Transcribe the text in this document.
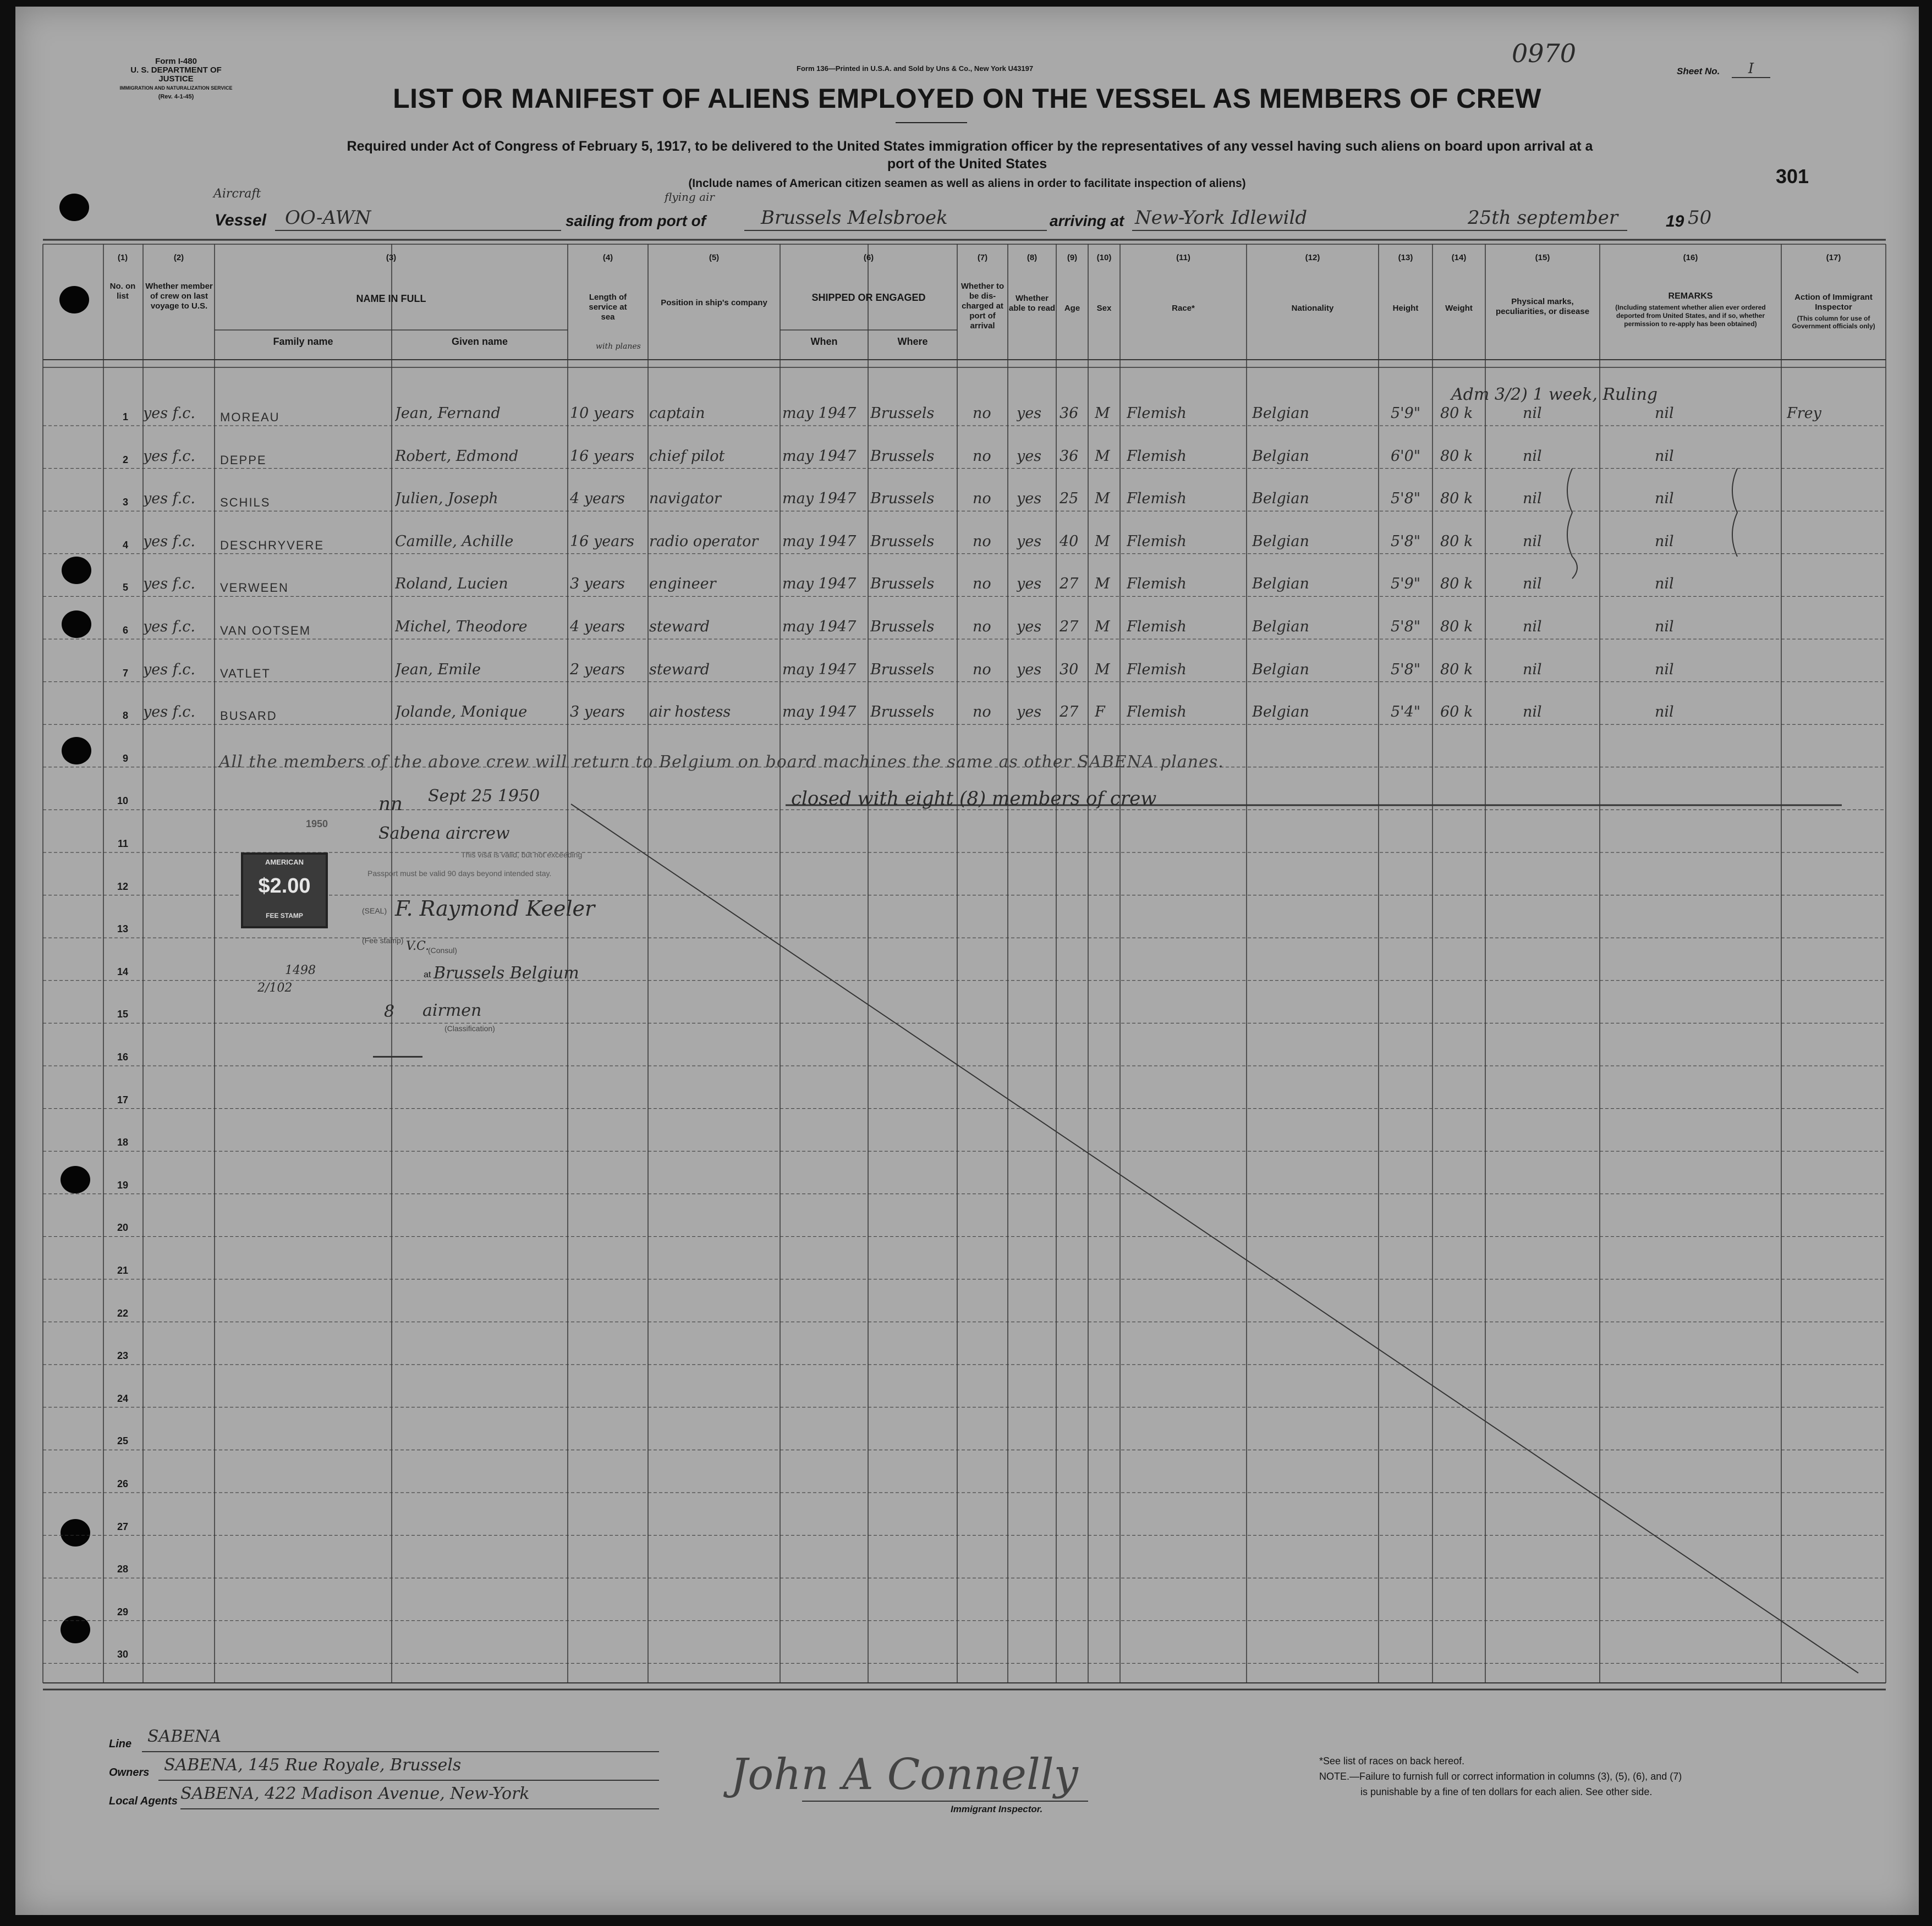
Form I-480
U. S. DEPARTMENT OF JUSTICE
IMMIGRATION AND NATURALIZATION SERVICE
(Rev. 4-1-45)
Form 136—Printed in U.S.A. and Sold by Uns & Co., New York U43197
0970
Sheet No.	I
LIST OR MANIFEST OF ALIENS EMPLOYED ON THE VESSEL AS MEMBERS OF CREW
Required under Act of Congress of February 5, 1917, to be delivered to the United States immigration officer by the representatives of any vessel having such aliens on board upon arrival at a
port of the United States
(Include names of American citizen seamen as well as aliens in order to facilitate inspection of aliens)	301
Aircraft
Vessel OO-AWN
flying air
sailing from port of	Brussels Melsbroek	arriving at New-York Idlewild	25th september	19 50
(1)
No. on list
(2)
Whether member of crew on last voyage to U.S.
(3)
NAME IN FULL
Family name	Given name
(4)
Length of service at sea
with planes
(5)
Position in ship's company
(6)
SHIPPED OR ENGAGED
When	Where
(7)
Whether to be dis-charged at port of arrival
(8)
Whether able to read
(9)
Age
(10)
Sex
(11)
Race*
(12)
Nationality
(13)
Height
(14)
Weight
(15)
Physical marks, peculiarities, or disease
(16)
REMARKS
(Including statement whether alien ever ordered deported from United States, and if so, whether permission to re-apply has been obtained)
(17)
Action of Immigrant Inspector
(This column for use of Government officials only)
1
2
3
4
5
6
7
8
9
10
11
12
13
14
15
16
17
18
19
20
21
22
23
24
25
26
27
28
29
30
yes f.c.	MOREAU	Jean, Fernand	10 years captain	may 1947 Brussels	no	yes	36	M	Flemish	Belgian	5'9"	80 k	nil	nil	Frey
yes f.c.	DEPPE	Robert, Edmond	16 years chief pilot	may 1947 Brussels	no	yes	36	M	Flemish	Belgian	6'0"	80 k	nil	nil
yes f.c.	SCHILS	Julien, Joseph	4 years	navigator	may 1947 Brussels	no	yes	25	M	Flemish	Belgian	5'8"	80 k	nil	nil
yes f.c.	DESCHRYVERE	Camille, Achille	16 years radio operator	may 1947 Brussels	no	yes	40	M	Flemish	Belgian	5'8"	80 k	nil	nil
yes f.c.	VERWEEN	Roland, Lucien	3 years	engineer	may 1947 Brussels	no	yes	27	M	Flemish	Belgian	5'9"	80 k	nil	nil
yes f.c.	VAN OOTSEM	Michel, Theodore	4 years	steward	may 1947 Brussels	no	yes	27	M	Flemish	Belgian	5'8"	80 k	nil	nil
yes f.c.	VATLET	Jean, Emile	2 years	steward	may 1947 Brussels	no	yes	30	M	Flemish	Belgian	5'8"	80 k	nil	nil
yes f.c.	BUSARD	Jolande, Monique	3 years	air hostess	may 1947 Brussels	no	yes	27	F	Flemish	Belgian	5'4"	60 k	nil	nil
All the members of the above crew will return to Belgium on board machines the same as other SABENA planes.
closed with eight (8) members of crew
Adm 3/2) 1 week, Ruling
nn Sept 25 1950
Sabena aircrew
This visa is valid, but not exceeding
Passport must be valid 90 days beyond intended stay.
(SEAL) F. Raymond Keeler
(Fee stamp) V.C.
(Consul)
at Brussels Belgium
8 airmen
(Classification)
AMERICAN
$2.00
FEE STAMP
1950
1498
2/102
Line SABENA
Owners SABENA, 145 Rue Royale, Brussels
Local Agents SABENA, 422 Madison Avenue, New-York	John A Connelly
Immigrant Inspector.
*See list of races on back hereof.
NOTE.—Failure to furnish full or correct information in columns (3), (5), (6), and (7)
is punishable by a fine of ten dollars for each alien. See other side.
